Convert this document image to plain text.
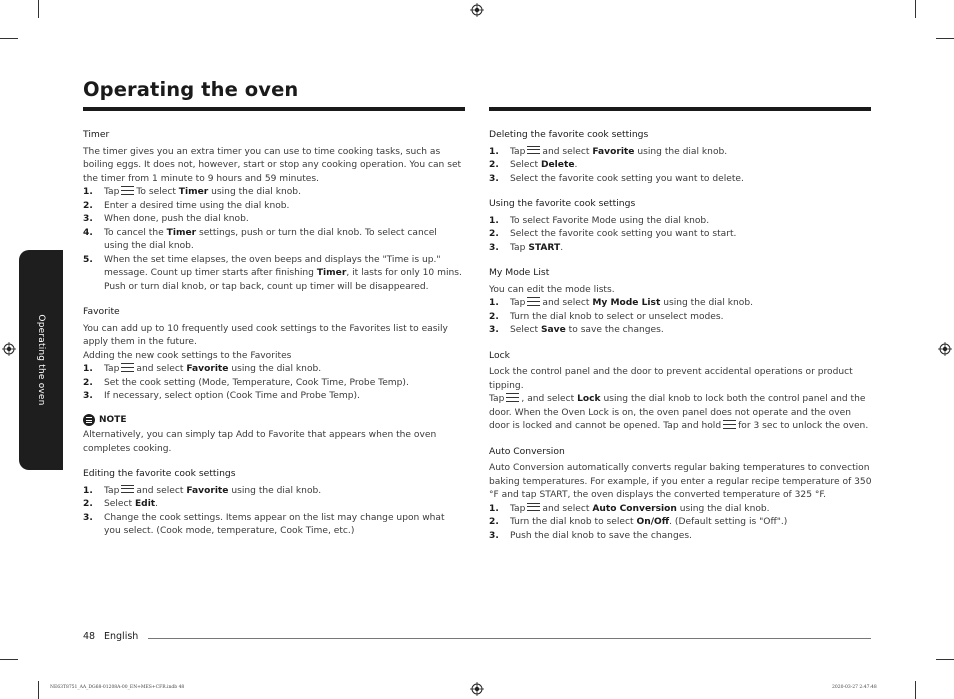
Operating the oven
Operating the oven
Timer

The timer gives you an extra timer you can use to time cooking tasks, such as boiling eggs. It does not, however, start or stop any cooking operation. You can set the timer from 1 minute to 9 hours and 59 minutes.

1.	Tap To select Timer using the dial knob.
2.	Enter a desired time using the dial knob.
3.	When done, push the dial knob.
4.	To cancel the Timer settings, push or turn the dial knob. To select cancel using the dial knob.
5.	When the set time elapses, the oven beeps and displays the "Time is up." message. Count up timer starts after finishing Timer, it lasts for only 10 mins. Push or turn dial knob, or tap back, count up timer will be disappeared.
Favorite

You can add up to 10 frequently used cook settings to the Favorites list to easily apply them in the future.

Adding the new cook settings to the Favorites

1.	Tap and select Favorite using the dial knob.
2.	Set the cook setting (Mode, Temperature, Cook Time, Probe Temp).
3.	If necessary, select option (Cook Time and Probe Temp).
NOTE

Alternatively, you can simply tap Add to Favorite that appears when the oven completes cooking.

Editing the favorite cook settings
1.	Tap and select Favorite using the dial knob.
2.	Select Edit.
3.	Change the cook settings. Items appear on the list may change upon what you select. (Cook mode, temperature, Cook Time, etc.)
Deleting the favorite cook settings
1.	Tap and select Favorite using the dial knob.
2.	Select Delete.
3.	Select the favorite cook setting you want to delete.
Using the favorite cook settings
1.	To select Favorite Mode using the dial knob.
2.	Select the favorite cook setting you want to start.
3.	Tap START.
My Mode List

You can edit the mode lists.

1.	Tap and select My Mode List using the dial knob.
2.	Turn the dial knob to select or unselect modes.
3.	Select Save to save the changes.
Lock

Lock the control panel and the door to prevent accidental operations or product tipping.

Tap , and select Lock using the dial knob to lock both the control panel and the door. When the Oven Lock is on, the oven panel does not operate and the oven door is locked and cannot be opened. Tap and hold for 3 sec to unlock the oven.

Auto Conversion

Auto Conversion automatically converts regular baking temperatures to convection baking temperatures. For example, if you enter a regular recipe temperature of 350 °F and tap START, the oven displays the converted temperature of 325 °F.

1.	Tap and select Auto Conversion using the dial knob.
2.	Turn the dial knob to select On/Off. (Default setting is "Off".)
3.	Push the dial knob to save the changes.
48 English
NE63T8751_AA_DG68-01208A-00_EN+MES+CFR.indb 48	2020-03-27 2:47:48
